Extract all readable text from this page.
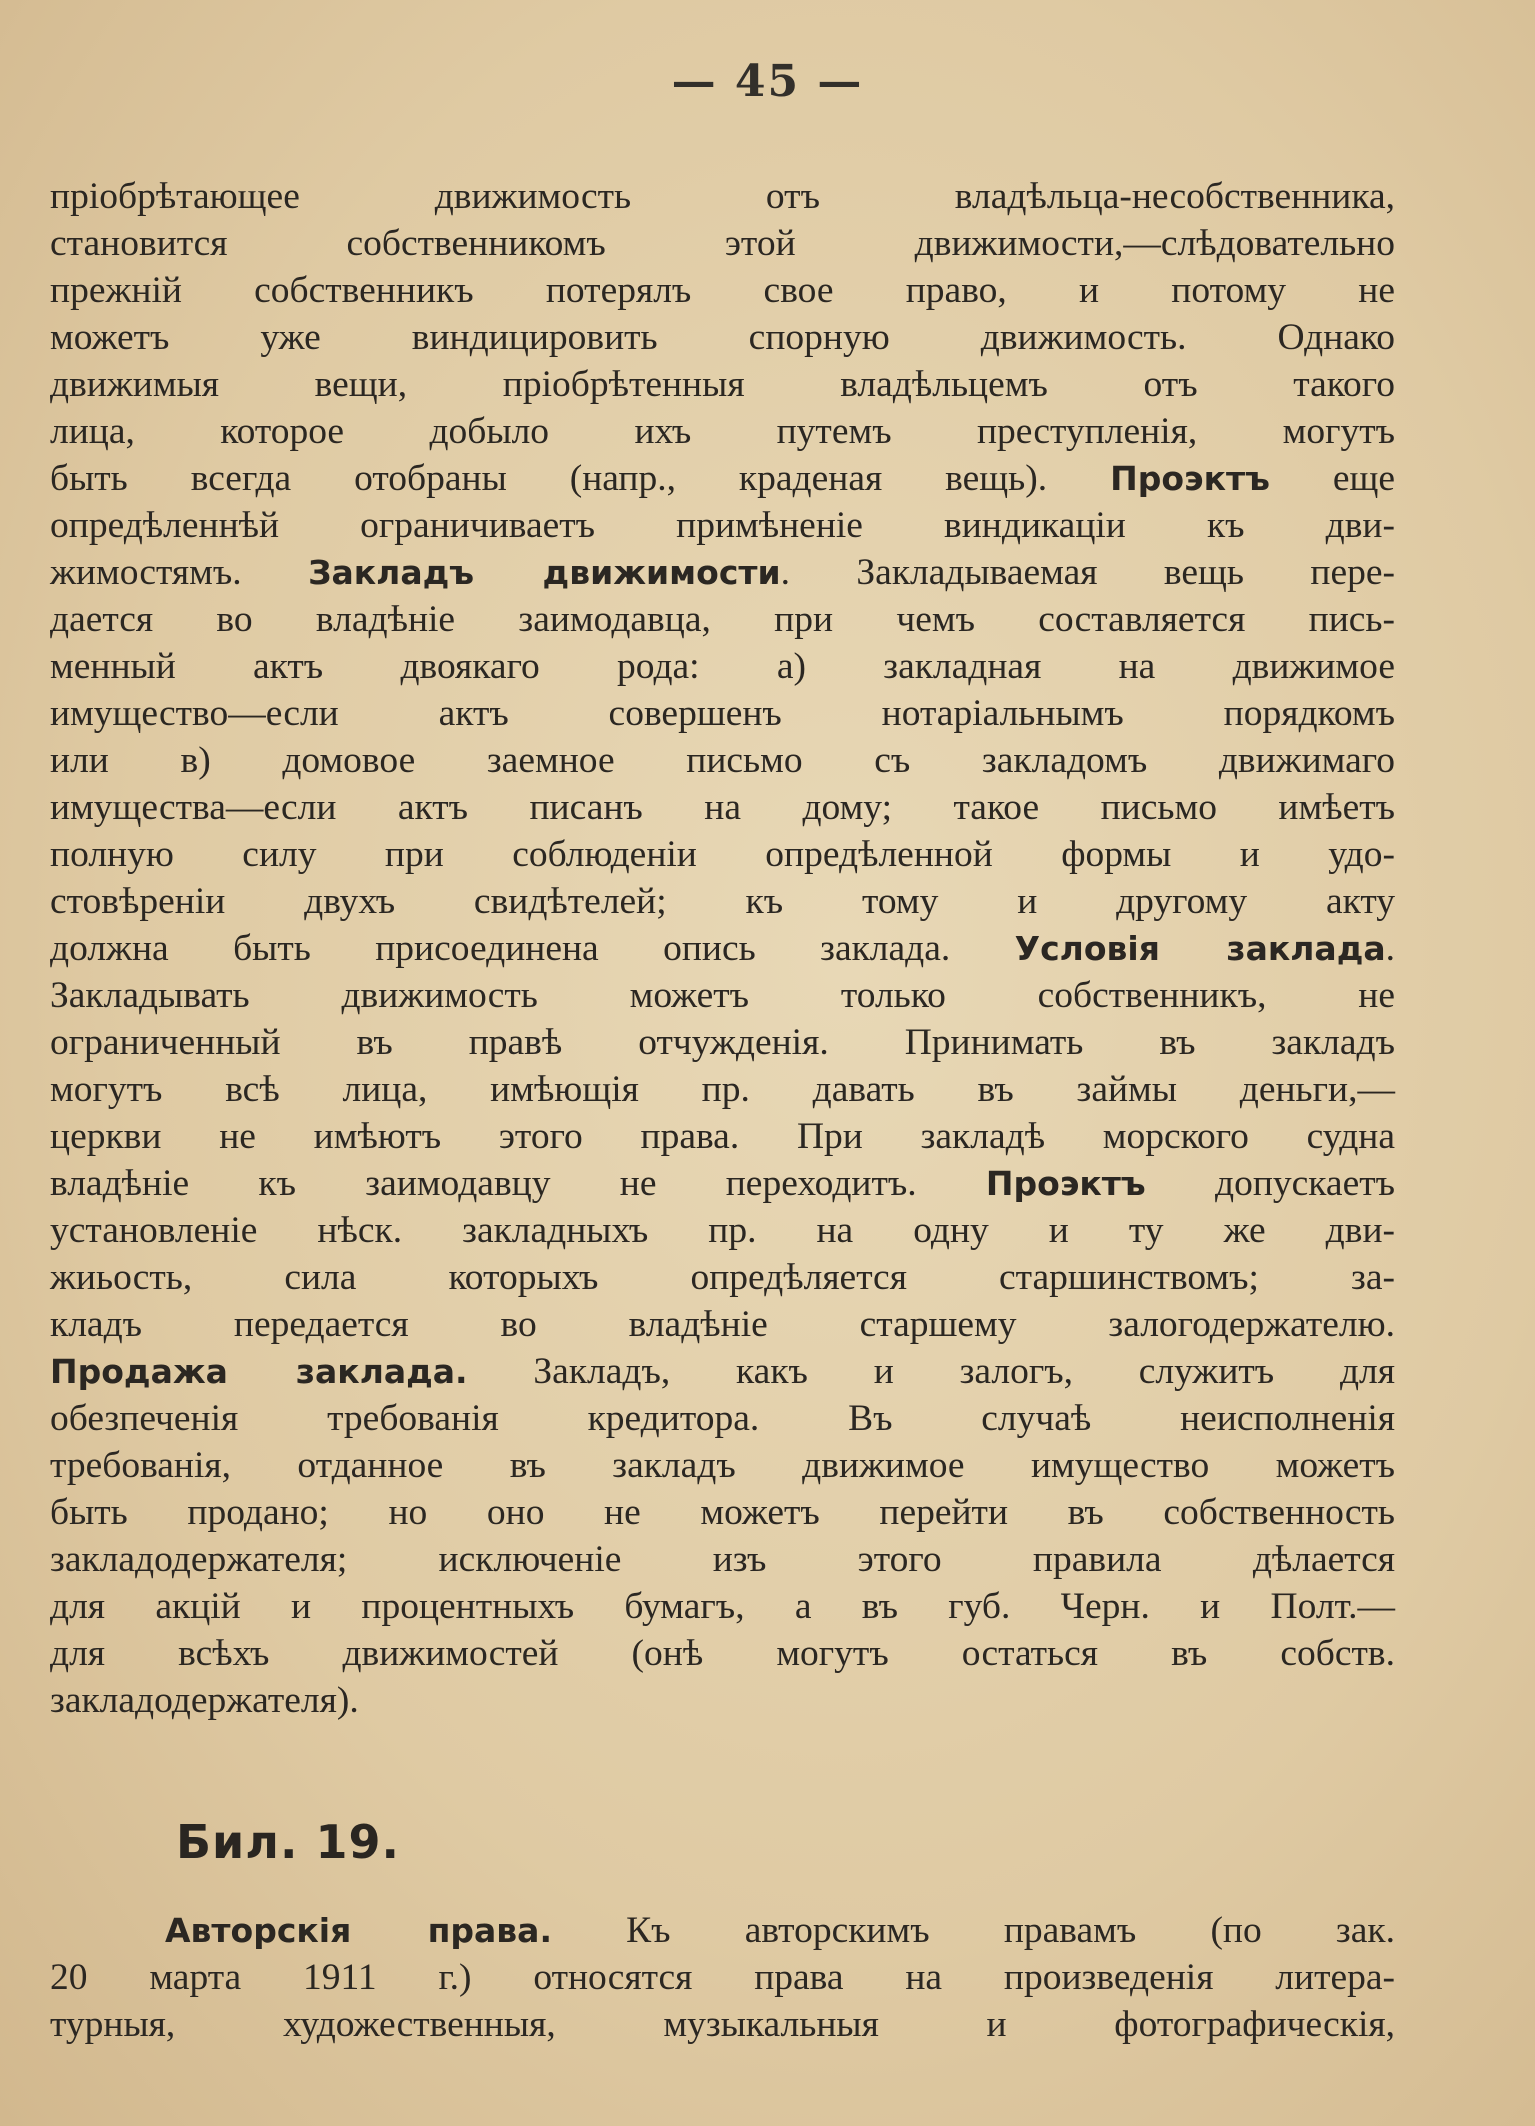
— 45 —
пріобрѣтающее движимость отъ владѣльца-несобственника,
становится собственникомъ этой движимости,—слѣдовательно
прежній собственникъ потерялъ свое право, и потому не
можетъ уже виндицировить спорную движимость. Однако
движимыя вещи, пріобрѣтенныя владѣльцемъ отъ такого
лица, которое добыло ихъ путемъ преступленія, могутъ
быть всегда отобраны (напр., краденая вещь). Проэктъ еще
опредѣленнѣй ограничиваетъ примѣненіе виндикаціи къ дви-
жимостямъ. Закладъ движимости. Закладываемая вещь пере-
дается во владѣніе заимодавца, при чемъ составляется пись-
менный актъ двоякаго рода: а) закладная на движимое
имущество—если актъ совершенъ нотаріальнымъ порядкомъ
или в) домовое заемное письмо съ закладомъ движимаго
имущества—если актъ писанъ на дому; такое письмо имѣетъ
полную силу при соблюденіи опредѣленной формы и удо-
стовѣреніи двухъ свидѣтелей; къ тому и другому акту
должна быть присоединена опись заклада. Условія заклада.
Закладывать движимость можетъ только собственникъ, не
ограниченный въ правѣ отчужденія. Принимать въ закладъ
могутъ всѣ лица, имѣющія пр. давать въ займы деньги,—
церкви не имѣютъ этого права. При закладѣ морского судна
владѣніе къ заимодавцу не переходитъ. Проэктъ допускаетъ
установленіе нѣск. закладныхъ пр. на одну и ту же дви-
жиьость, сила которыхъ опредѣляется старшинствомъ; за-
кладъ передается во владѣніе старшему залогодержателю.
Продажа заклада. Закладъ, какъ и залогъ, служитъ для
обезпеченія требованія кредитора. Въ случаѣ неисполненія
требованія, отданное въ закладъ движимое имущество можетъ
быть продано; но оно не можетъ перейти въ собственность
закладодержателя; исключеніе изъ этого правила дѣлается
для акцій и процентныхъ бумагъ, а въ губ. Черн. и Полт.—
для всѣхъ движимостей (онѣ могутъ остаться въ собств.
закладодержателя).
Бил. 19.
Авторскія права. Къ авторскимъ правамъ (по зак.
20 марта 1911 г.) относятся права на произведенія литера-
турныя, художественныя, музыкальныя и фотографическія,
